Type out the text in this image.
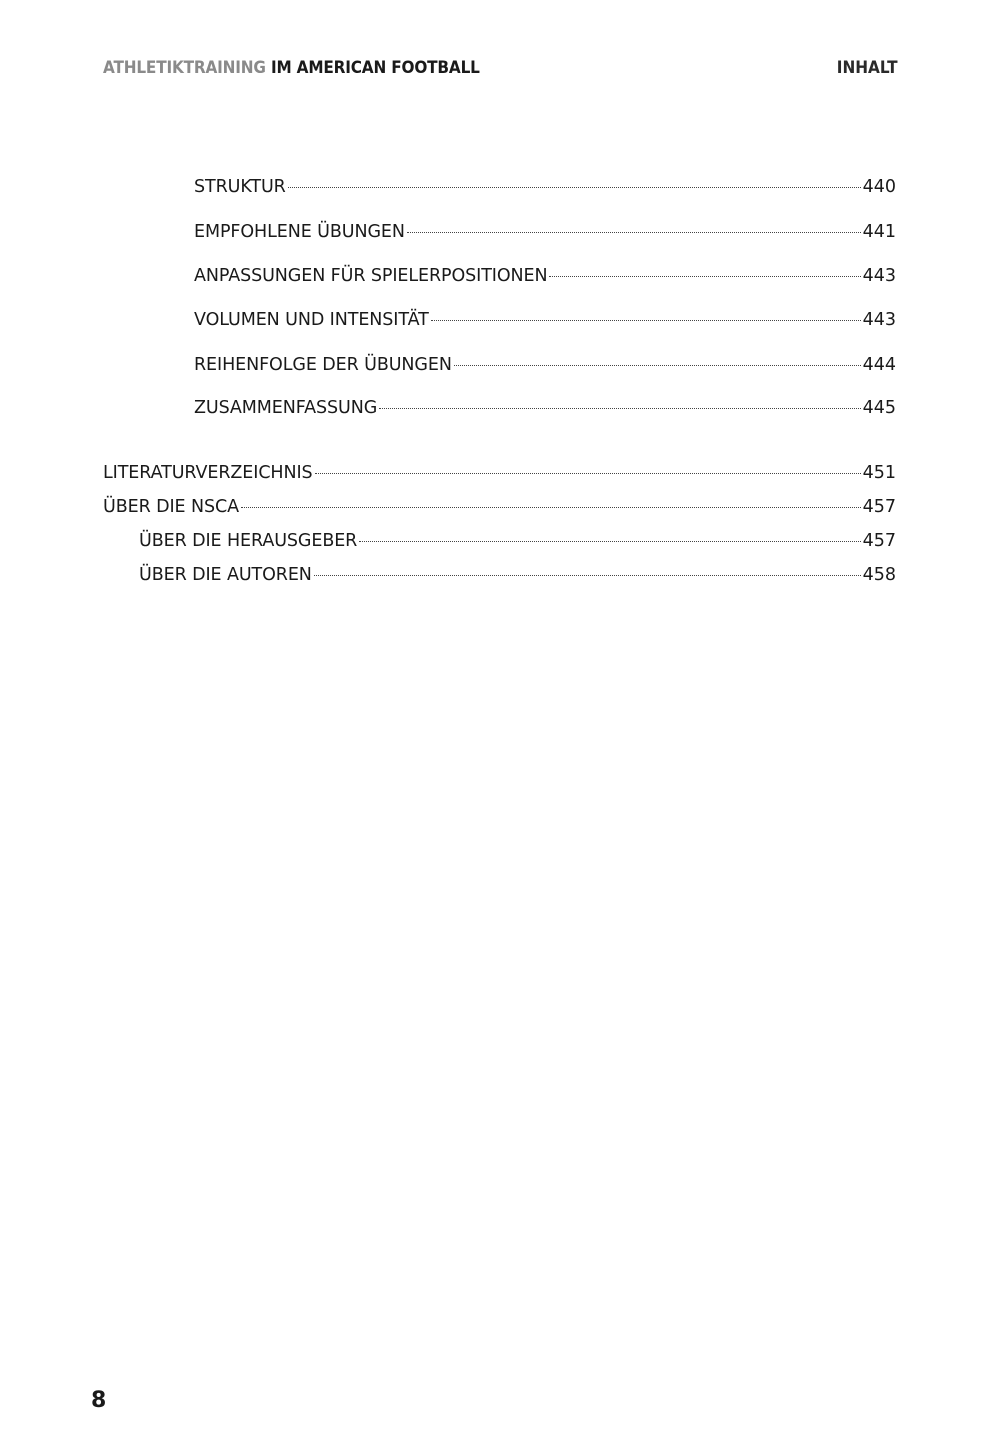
ATHLETIKTRAINING IM AMERICAN FOOTBALL	INHALT
STRUKTUR	440
EMPFOHLENE ÜBUNGEN	441
ANPASSUNGEN FÜR SPIELERPOSITIONEN	443
VOLUMEN UND INTENSITÄT	443
REIHENFOLGE DER ÜBUNGEN	444
ZUSAMMENFASSUNG	445
LITERATURVERZEICHNIS	451
ÜBER DIE NSCA	457
ÜBER DIE HERAUSGEBER	457
ÜBER DIE AUTOREN	458
8
